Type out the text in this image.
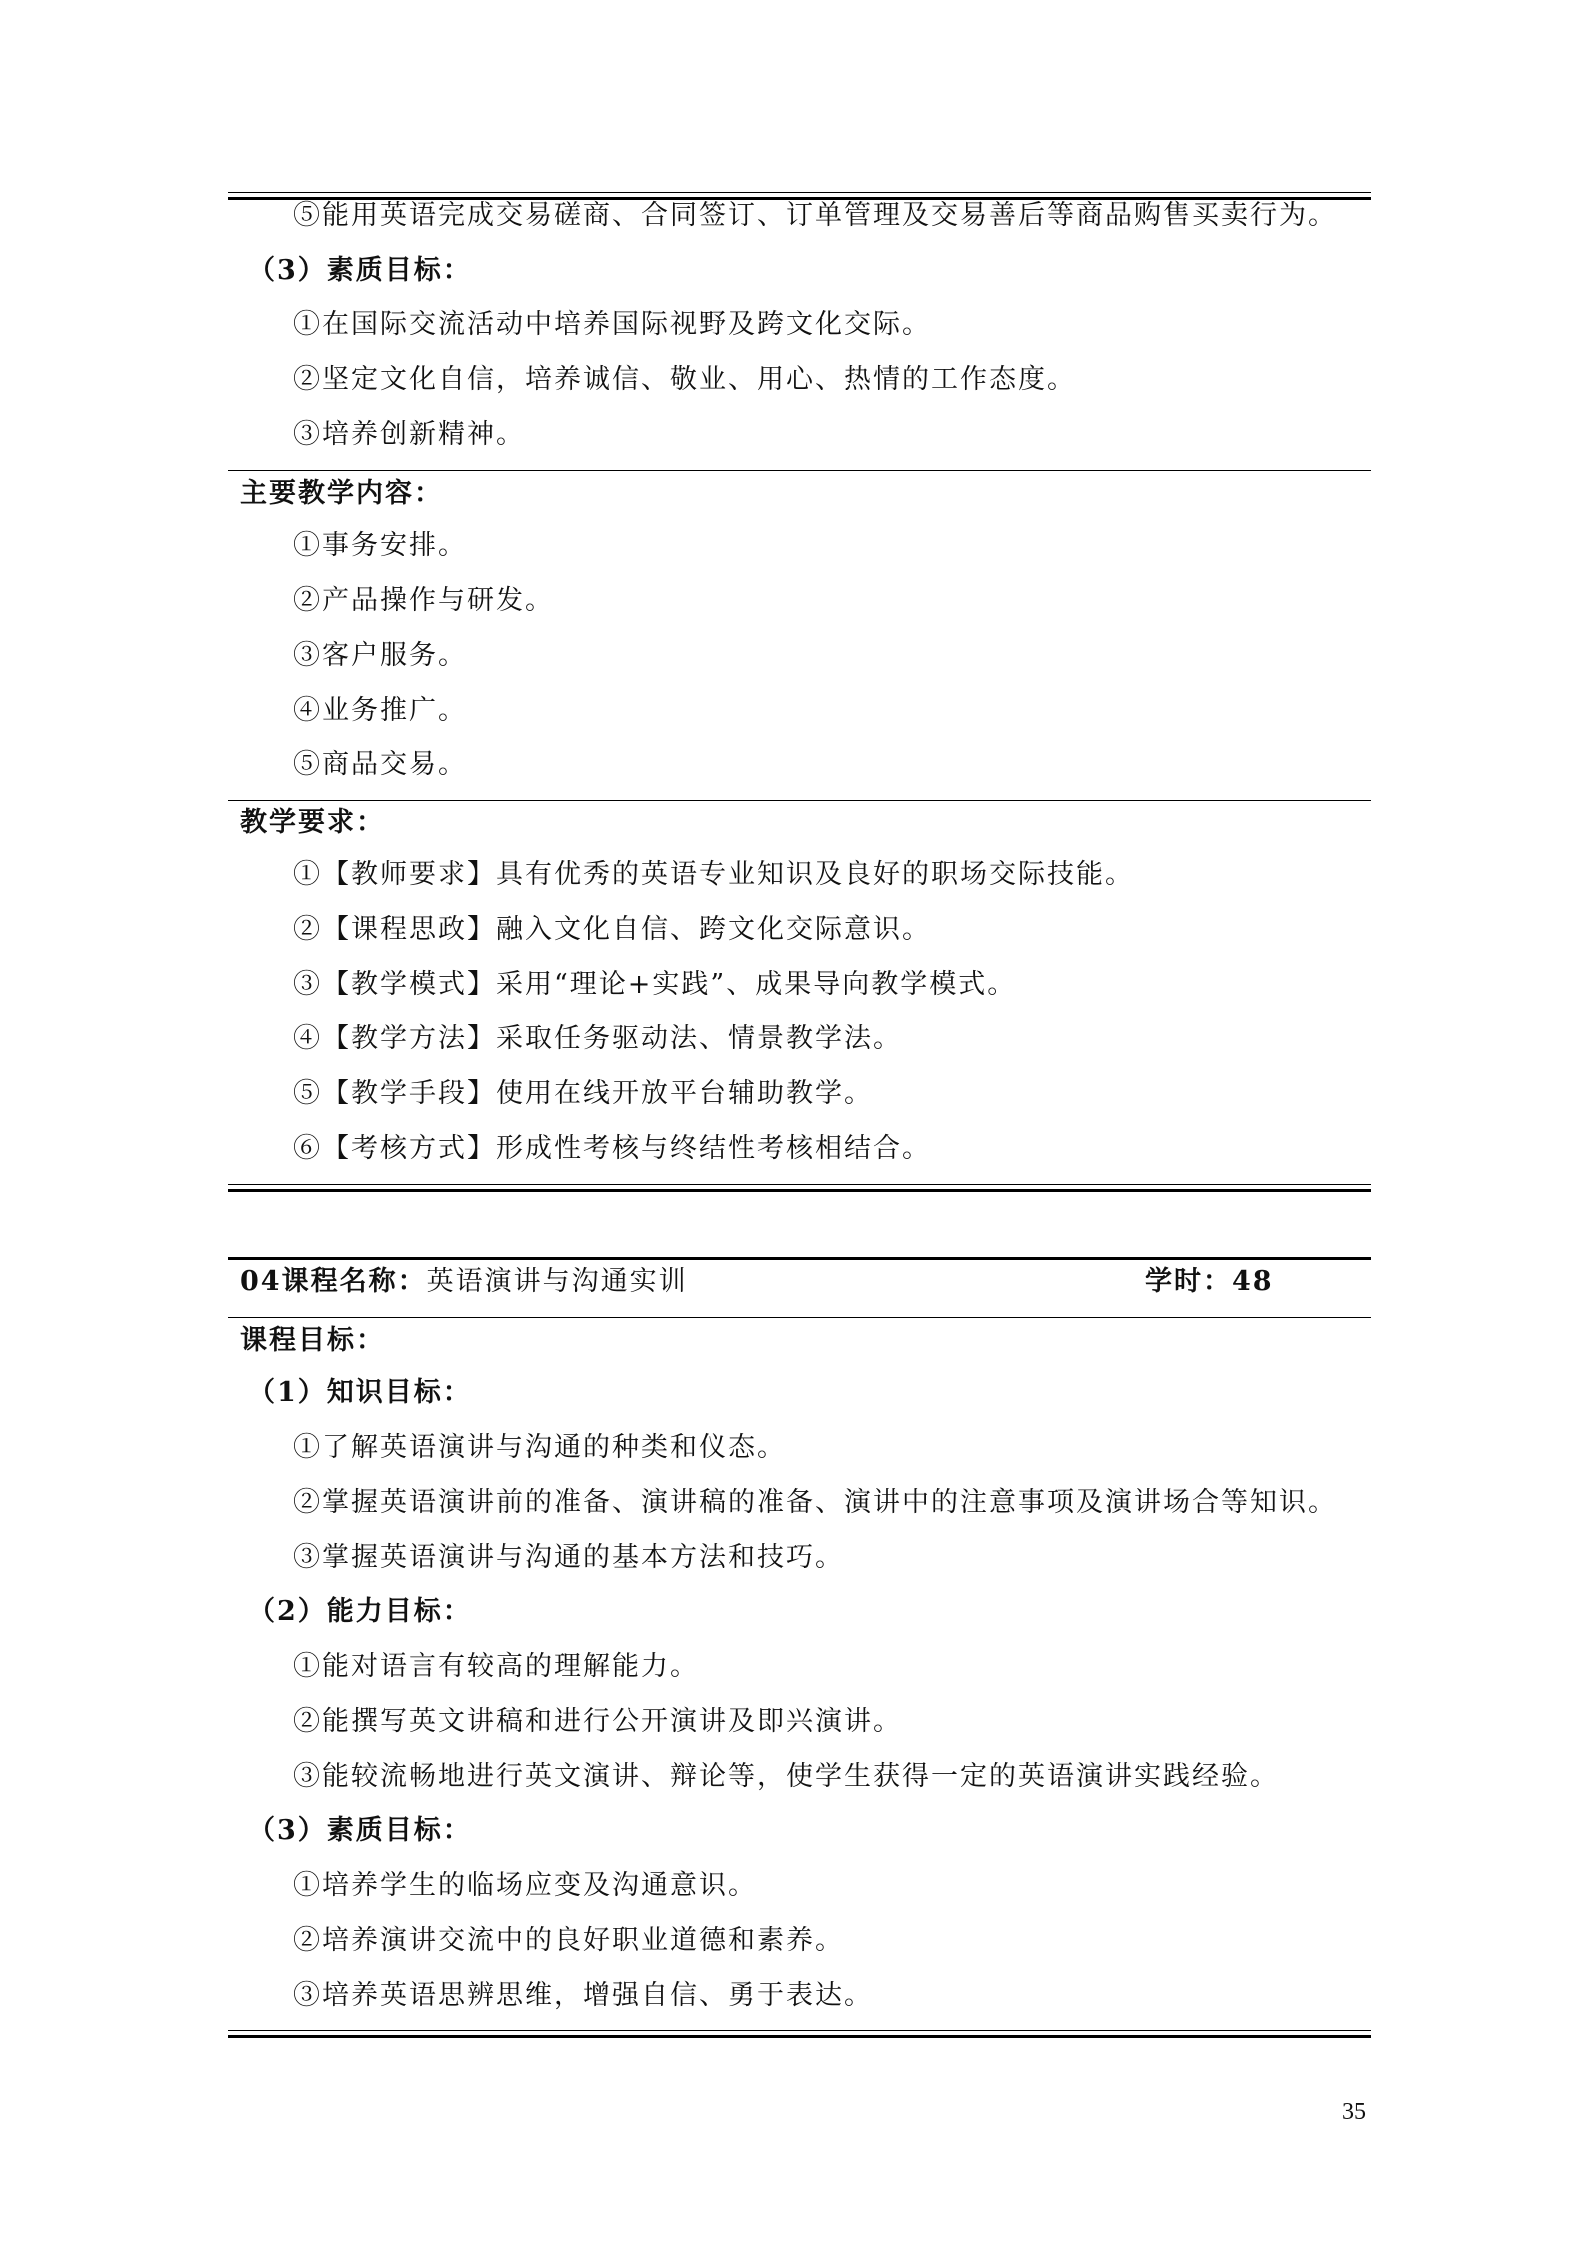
⑤能用英语完成交易磋商、合同签订、订单管理及交易善后等商品购售买卖行为。
（3）素质目标：
①在国际交流活动中培养国际视野及跨文化交际。
②坚定文化自信，培养诚信、敬业、用心、热情的工作态度。
③培养创新精神。
主要教学内容：
①事务安排。
②产品操作与研发。
③客户服务。
④业务推广。
⑤商品交易。
教学要求：
①【教师要求】具有优秀的英语专业知识及良好的职场交际技能。
②【课程思政】融入文化自信、跨文化交际意识。
③【教学模式】采用“理论+实践”、成果导向教学模式。
④【教学方法】采取任务驱动法、情景教学法。
⑤【教学手段】使用在线开放平台辅助教学。
⑥【考核方式】形成性考核与终结性考核相结合。
04课程名称：英语演讲与沟通实训	学时：48
课程目标：
（1）知识目标：
①了解英语演讲与沟通的种类和仪态。
②掌握英语演讲前的准备、演讲稿的准备、演讲中的注意事项及演讲场合等知识。
③掌握英语演讲与沟通的基本方法和技巧。
（2）能力目标：
①能对语言有较高的理解能力。
②能撰写英文讲稿和进行公开演讲及即兴演讲。
③能较流畅地进行英文演讲、辩论等，使学生获得一定的英语演讲实践经验。
（3）素质目标：
①培养学生的临场应变及沟通意识。
②培养演讲交流中的良好职业道德和素养。
③培养英语思辨思维，增强自信、勇于表达。
35
